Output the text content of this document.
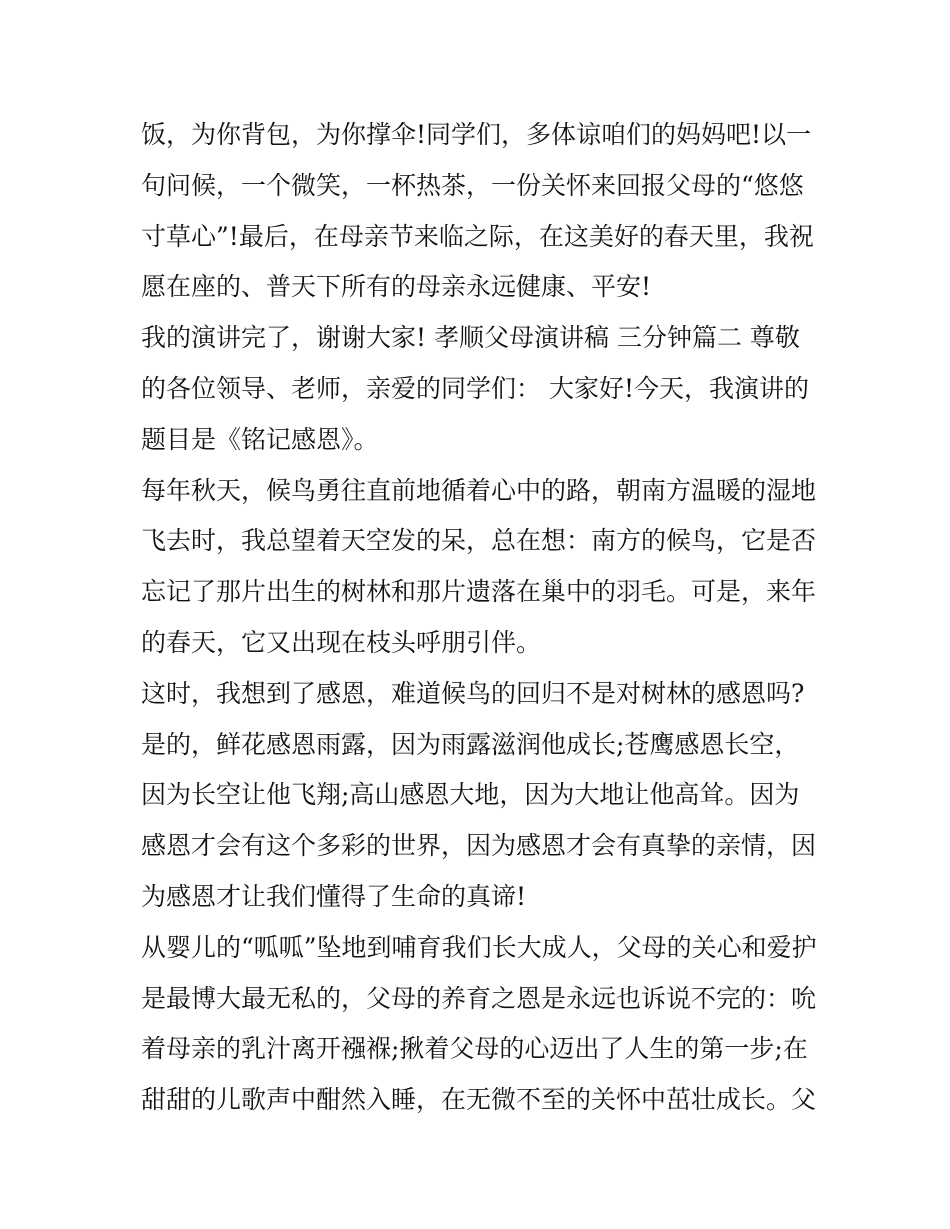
饭，为你背包，为你撑伞!同学们，多体谅咱们的妈妈吧!以一
句问候，一个微笑，一杯热茶，一份关怀来回报父母的“悠悠
寸草心”!最后，在母亲节来临之际，在这美好的春天里，我祝
愿在座的、普天下所有的母亲永远健康、平安!
我的演讲完了，谢谢大家! 孝顺父母演讲稿 三分钟篇二 尊敬
的各位领导、老师，亲爱的同学们： 大家好!今天，我演讲的
题目是《铭记感恩》。
每年秋天，候鸟勇往直前地循着心中的路，朝南方温暖的湿地
飞去时，我总望着天空发的呆，总在想：南方的候鸟，它是否
忘记了那片出生的树林和那片遗落在巢中的羽毛。可是，来年
的春天，它又出现在枝头呼朋引伴。
这时，我想到了感恩，难道候鸟的回归不是对树林的感恩吗?
是的，鲜花感恩雨露，因为雨露滋润他成长;苍鹰感恩长空，
因为长空让他飞翔;高山感恩大地，因为大地让他高耸。因为
感恩才会有这个多彩的世界，因为感恩才会有真挚的亲情，因
为感恩才让我们懂得了生命的真谛!
从婴儿的“呱呱”坠地到哺育我们长大成人，父母的关心和爱护
是最博大最无私的，父母的养育之恩是永远也诉说不完的：吮
着母亲的乳汁离开襁褓;揪着父母的心迈出了人生的第一步;在
甜甜的儿歌声中酣然入睡，在无微不至的关怀中茁壮成长。父
